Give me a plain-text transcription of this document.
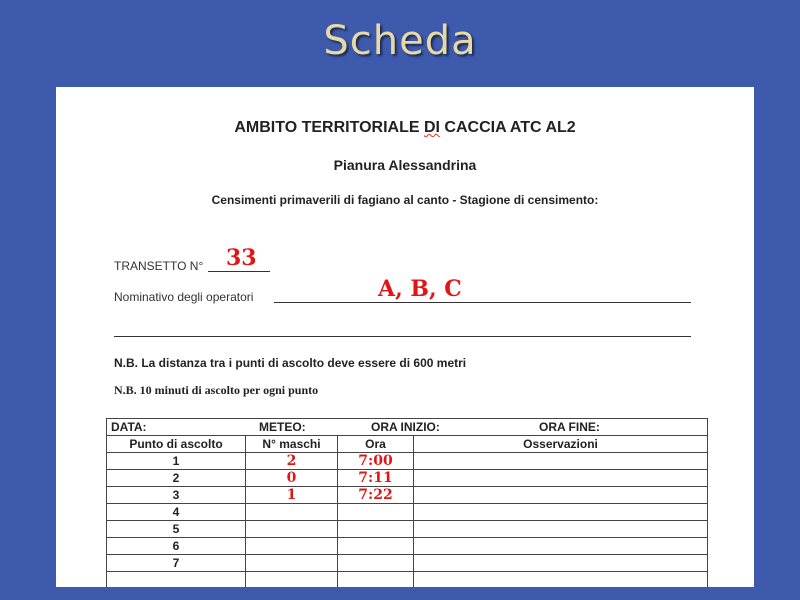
Scheda
AMBITO TERRITORIALE DI CACCIA ATC AL2
Pianura Alessandrina
Censimenti primaverili di fagiano al canto - Stagione di censimento:
TRANSETTO N° 33
Nominativo degli operatori	A, B, C
N.B. La distanza tra i punti di ascolto deve essere di 600 metri
N.B. 10 minuti di ascolto per ogni punto
DATA: METEO: ORA INIZIO: ORA FINE:			

Punto di ascolto	N° maschi	Ora	Osservazioni
1	2	7:00	
2	0	7:11	
3	1	7:22	
4			
5			
6			
7			
